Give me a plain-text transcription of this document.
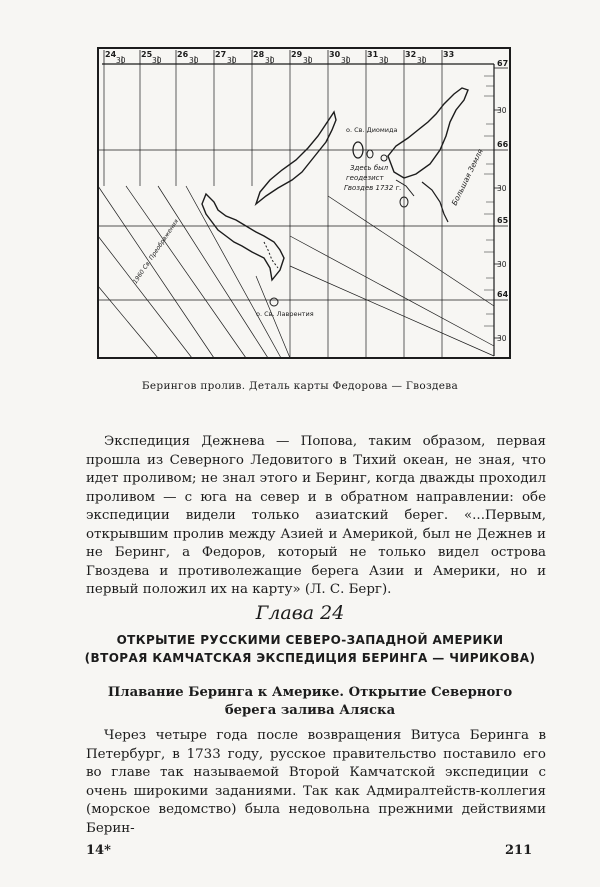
24	25	26	27	28	29	30	31	32	33
30	30	30	30	30	30	30	30	30	67
66
65
64
30
30
30
30
о. Св. Диомида
Здесь был
геодезист
Гвоздев 1732 г.	Большая Земля
1960 Св. Преображения
о. Св. Лаврентия
Берингов пролив. Деталь карты Федорова — Гвоздева

Экспедиция Дежнева — Попова, таким образом, первая прошла из Северного Ледовитого в Тихий океан, не зная, что идет проливом; не знал этого и Беринг, когда дважды проходил проливом — с юга на север и в обратном направлении: обе экспедиции видели только азиатский берег. «...Первым, открывшим пролив между Азией и Америкой, был не Дежнев и не Беринг, а Федоров, который не только видел острова Гвоздева и противолежащие берега Азии и Америки, но и первый положил их на карту» (Л. С. Берг).

Глава 24
ОТКРЫТИЕ РУССКИМИ СЕВЕРО-ЗАПАДНОЙ АМЕРИКИ
(ВТОРАЯ КАМЧАТСКАЯ ЭКСПЕДИЦИЯ БЕРИНГА — ЧИРИКОВА)
Плавание Беринга к Америке. Открытие Северного берега залива Аляска

Через четыре года после возвращения Витуса Беринга в Петербург, в 1733 году, русское правительство поставило его во главе так называемой Второй Камчатской экспедиции с очень широкими заданиями. Так как Адмиралтейств-коллегия (морское ведомство) была недовольна прежними действиями Берин-

14*	211
